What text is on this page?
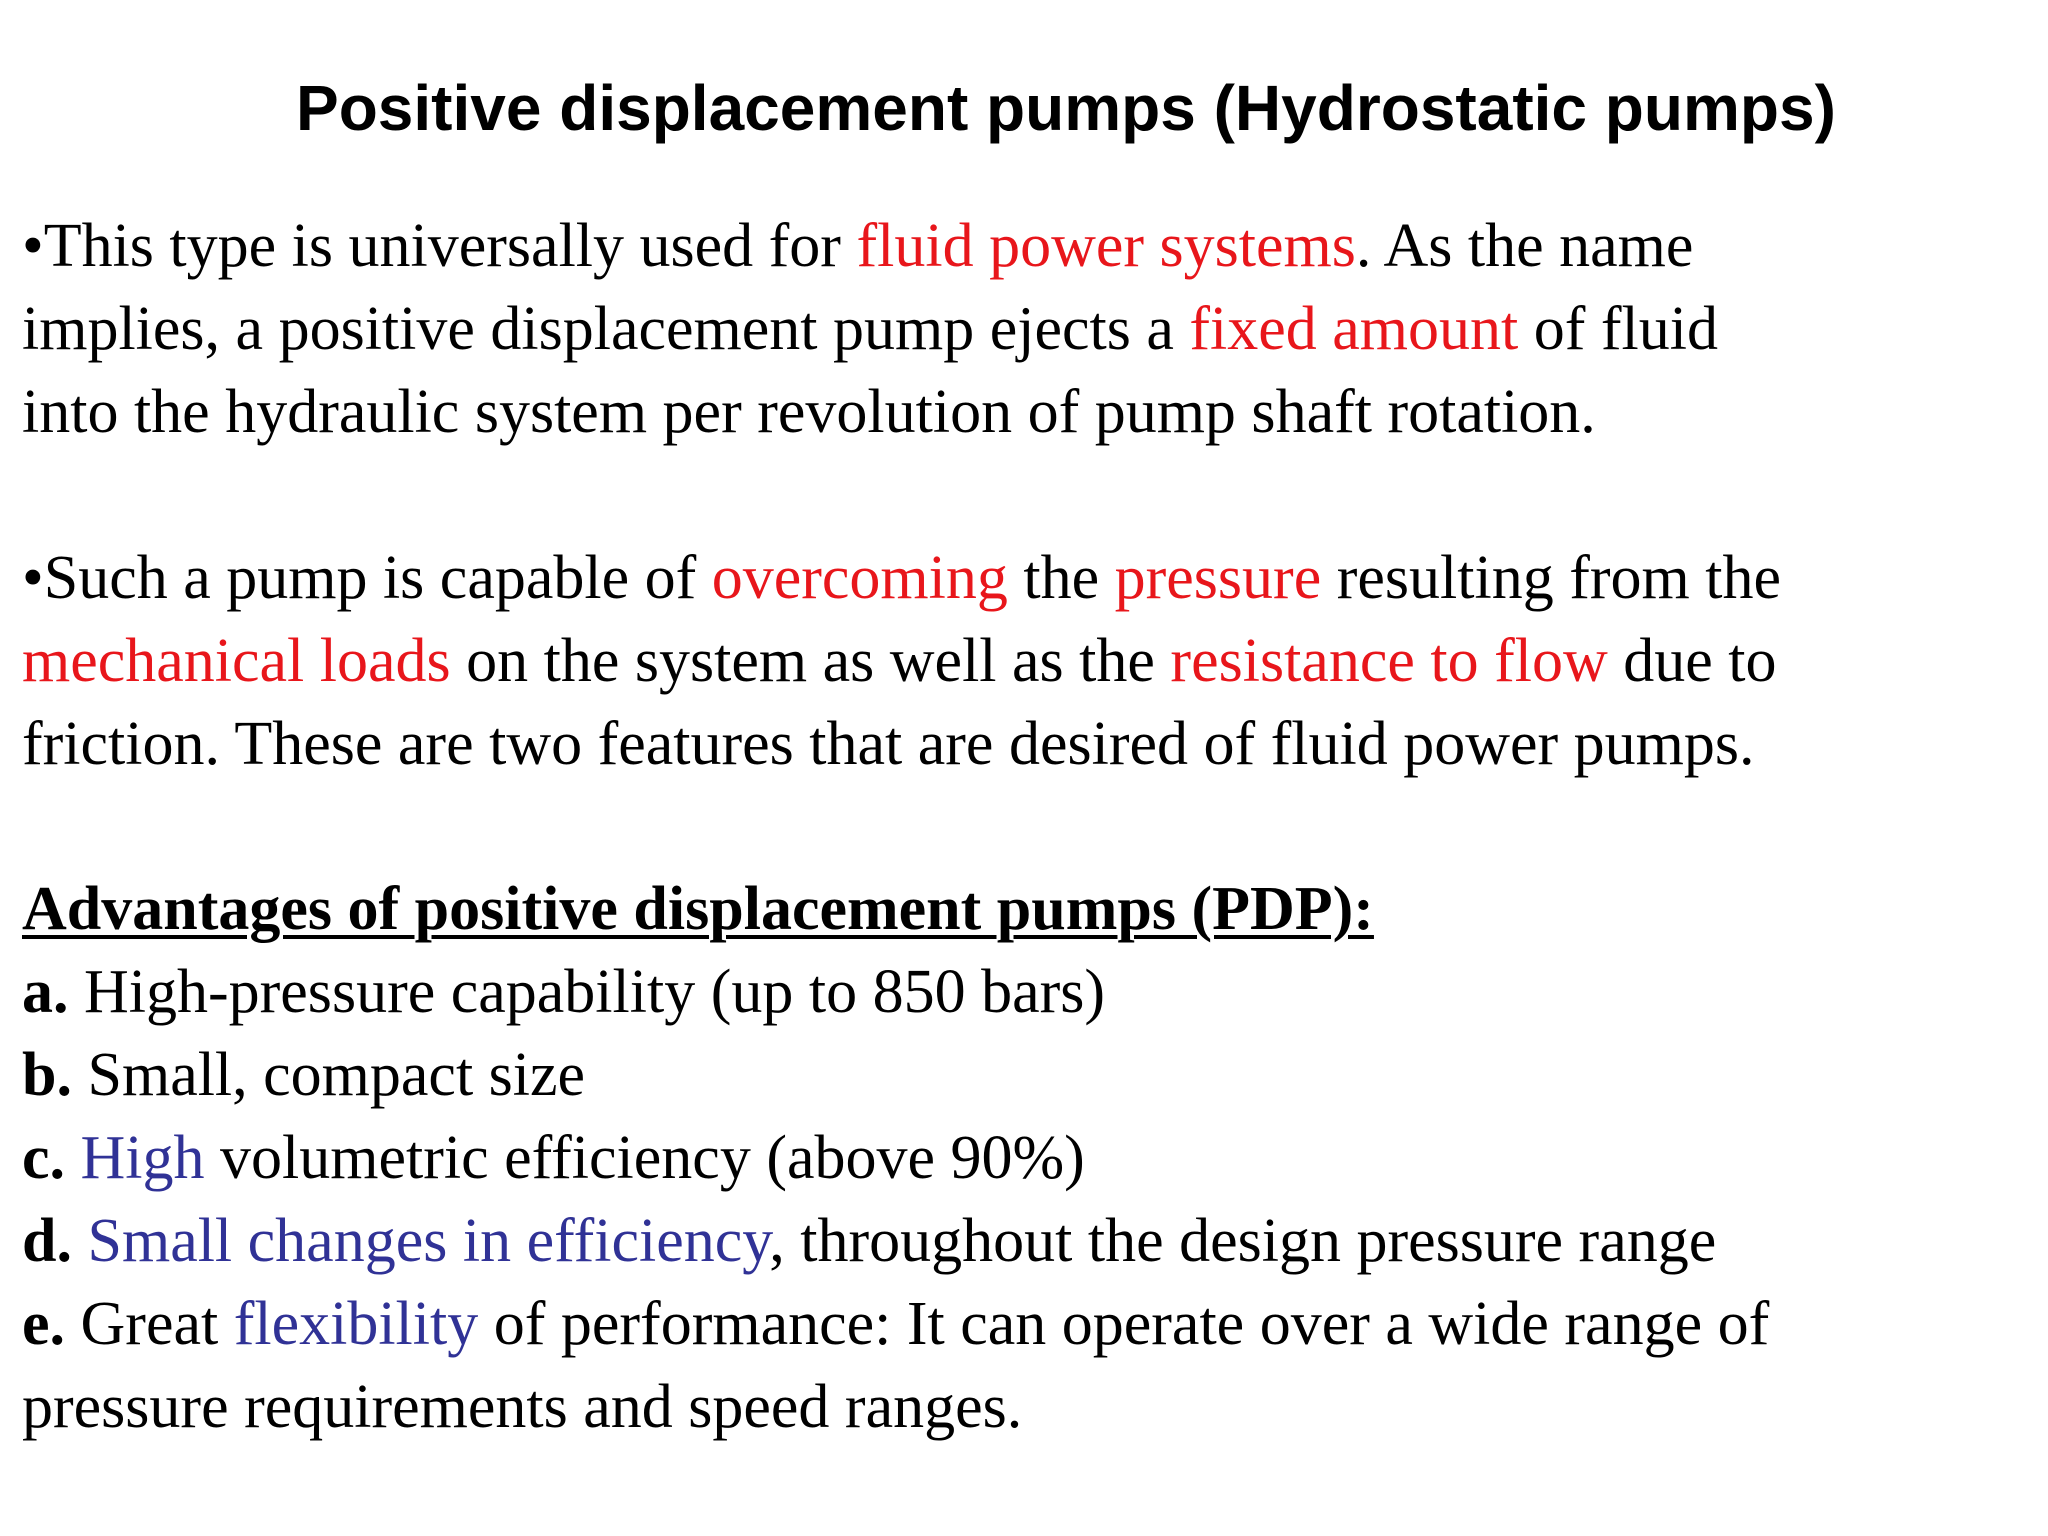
Positive displacement pumps (Hydrostatic pumps)
•This type is universally used for fluid power systems. As the name
implies, a positive displacement pump ejects a fixed amount of fluid
into the hydraulic system per revolution of pump shaft rotation.
•Such a pump is capable of overcoming the pressure resulting from the
mechanical loads on the system as well as the resistance to flow due to
friction. These are two features that are desired of fluid power pumps.
Advantages of positive displacement pumps (PDP):
a. High-pressure capability (up to 850 bars)
b. Small, compact size
c. High volumetric efficiency (above 90%)
d. Small changes in efficiency, throughout the design pressure range
e. Great flexibility of performance: It can operate over a wide range of
pressure requirements and speed ranges.
